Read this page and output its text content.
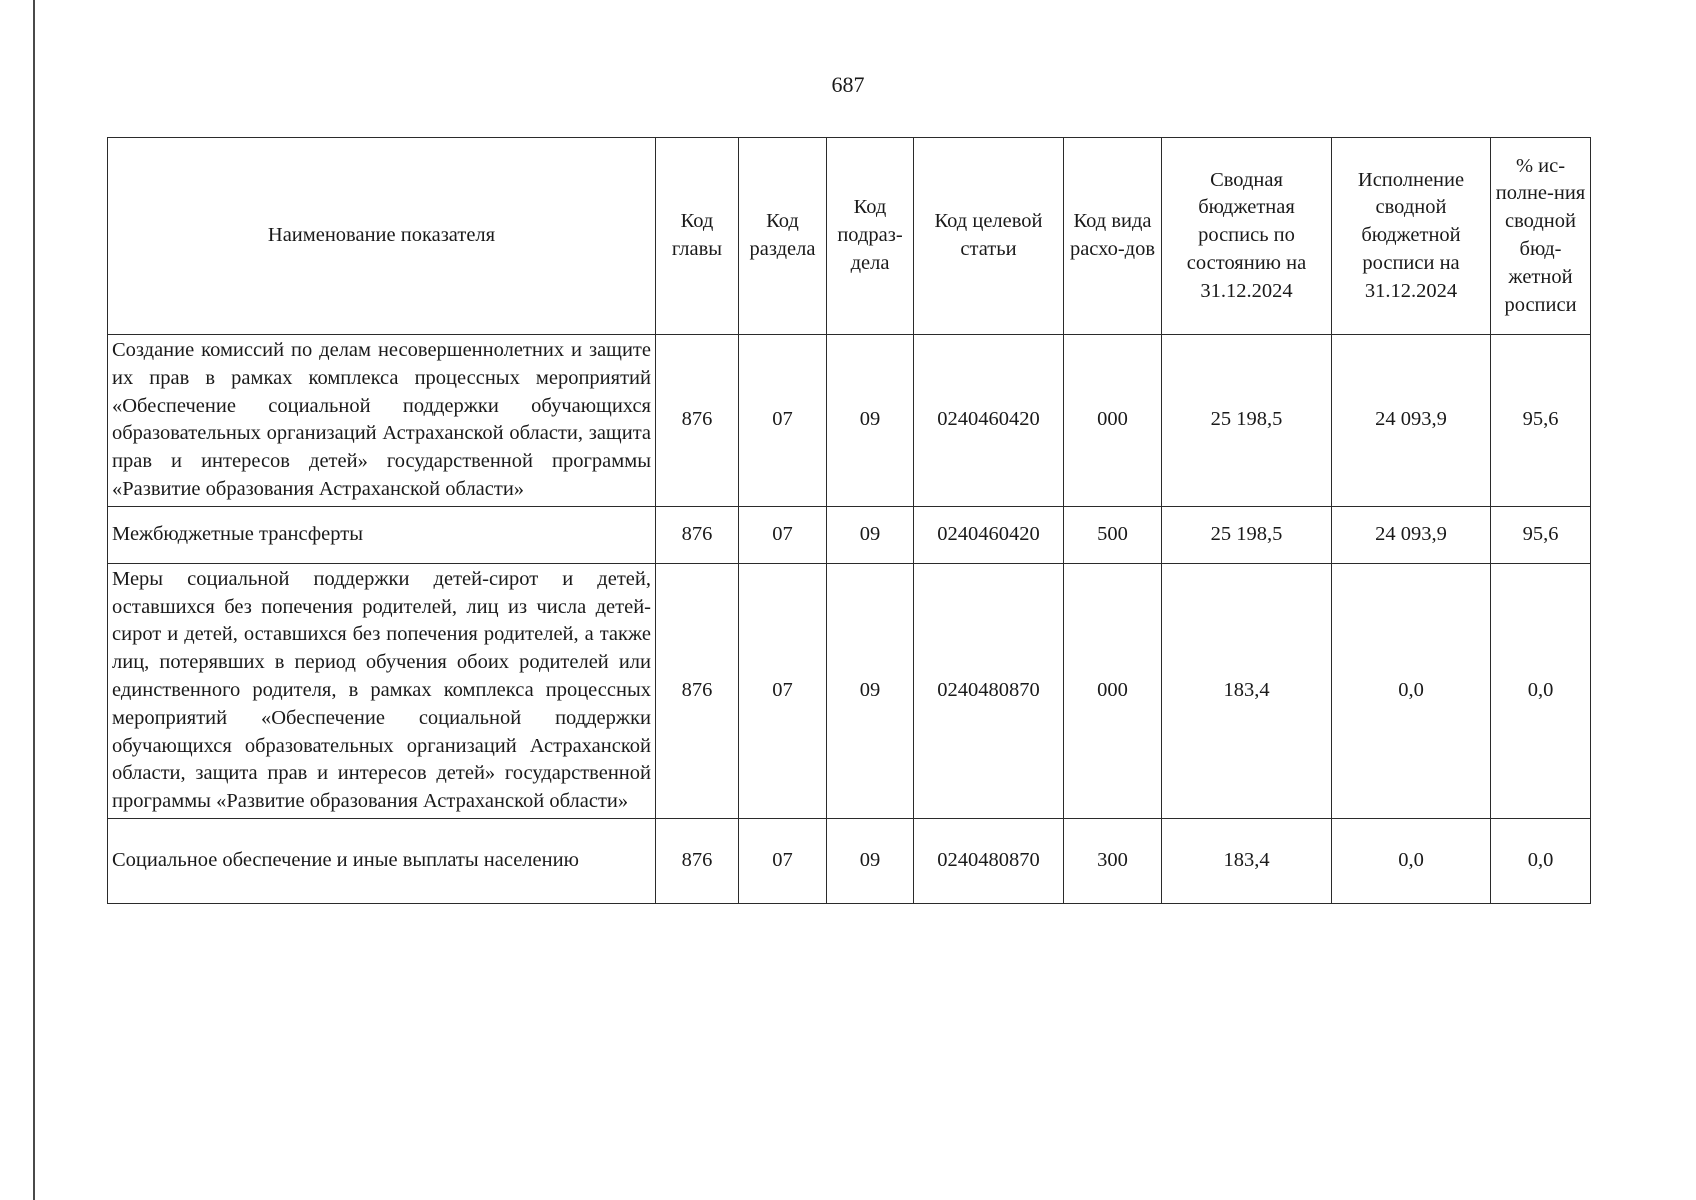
687
Наименование показателя	Код главы	Код раздела	Код подраз-дела	Код целевой статьи	Код вида расхо-дов	Сводная бюджетная роспись по состоянию на 31.12.2024	Исполнение сводной бюджетной росписи на 31.12.2024	% ис-полне-ния сводной бюд-жетной росписи
Создание комиссий по делам несовершеннолетних и защите их прав в рамках комплекса процессных мероприятий «Обеспечение социальной поддержки обучающихся образовательных организаций Астраханской области, защита прав и интересов детей» государственной программы «Развитие образования Астраханской области»	876	07	09	0240460420	000	25 198,5	24 093,9	95,6
Межбюджетные трансферты	876	07	09	0240460420	500	25 198,5	24 093,9	95,6
Меры социальной поддержки детей-сирот и детей, оставшихся без попечения родителей, лиц из числа детей-сирот и детей, оставшихся без попечения родителей, а также лиц, потерявших в период обучения обоих родителей или единственного родителя, в рамках комплекса процессных мероприятий «Обеспечение социальной поддержки обучающихся образовательных организаций Астраханской области, защита прав и интересов детей» государственной программы «Развитие образования Астраханской области»	876	07	09	0240480870	000	183,4	0,0	0,0
Социальное обеспечение и иные выплаты населению	876	07	09	0240480870	300	183,4	0,0	0,0
